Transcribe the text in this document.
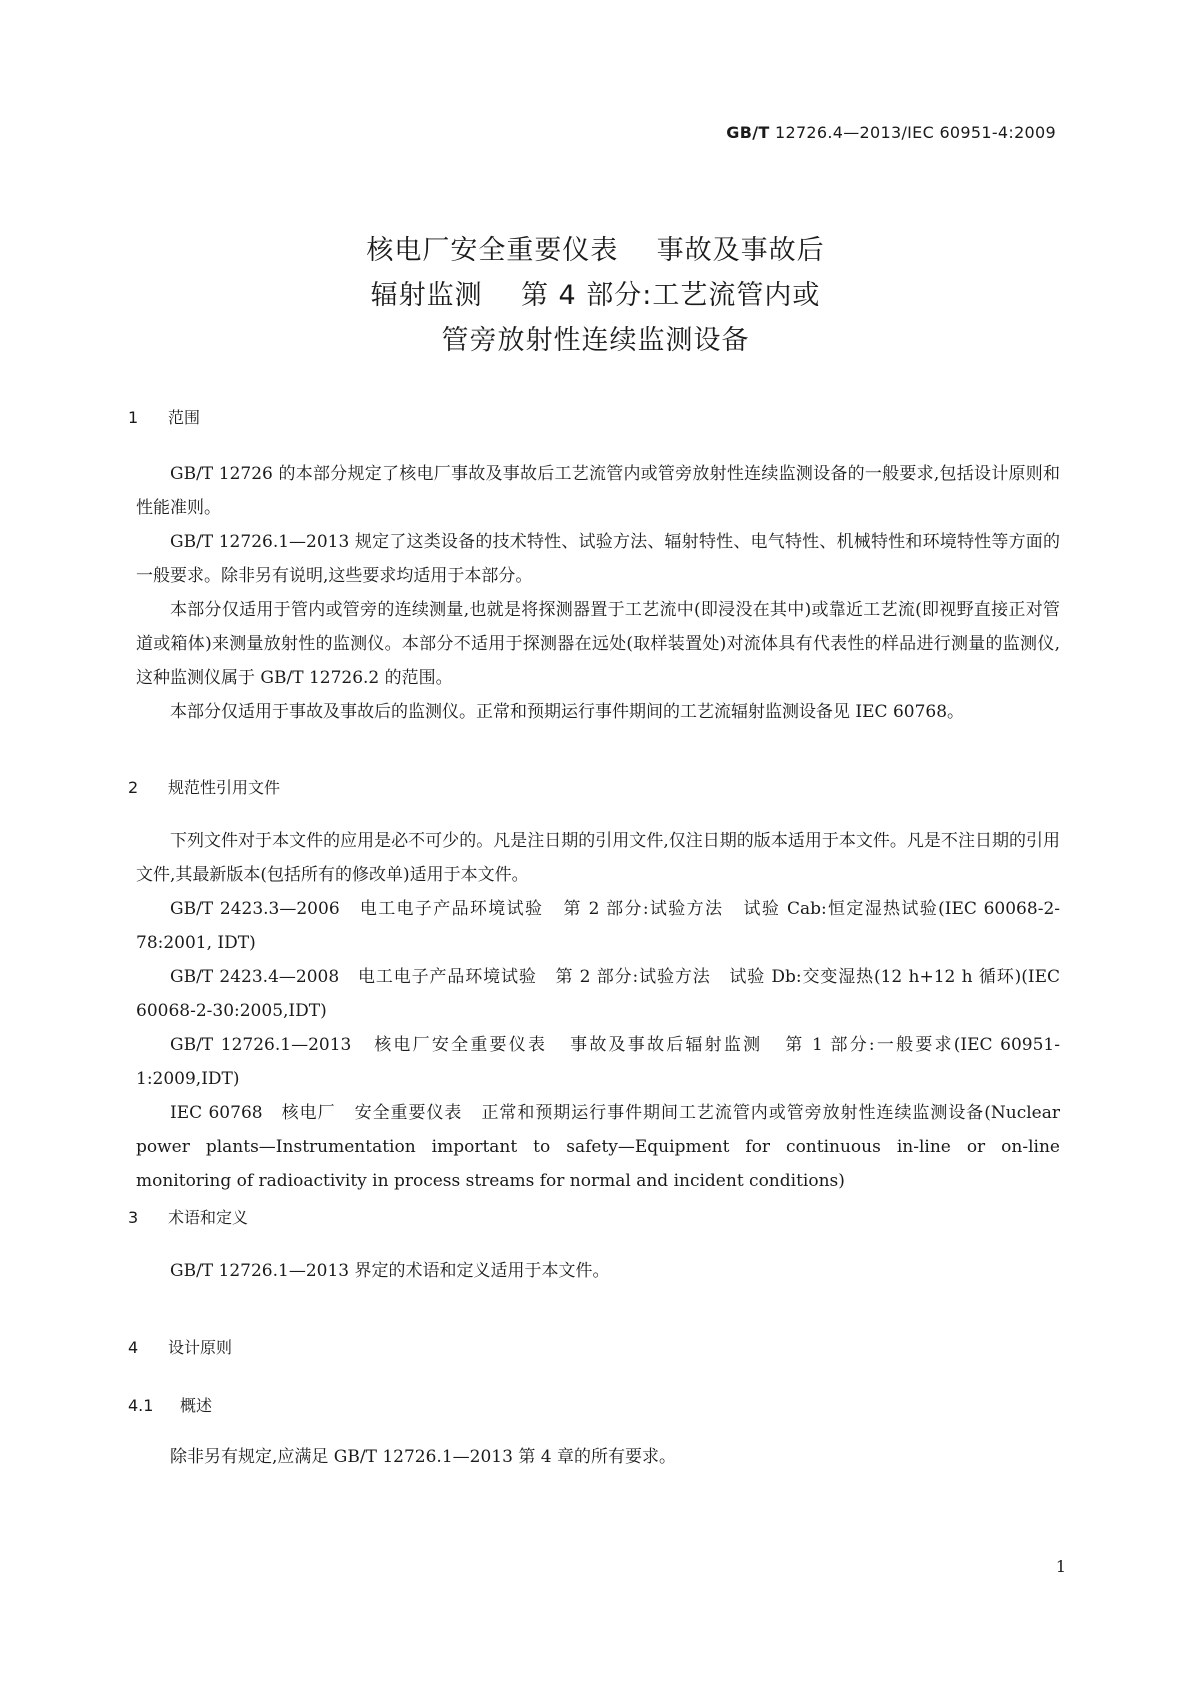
GB/T 12726.4—2013/IEC 60951-4:2009
核电厂安全重要仪表    事故及事故后
辐射监测    第 4 部分:工艺流管内或
管旁放射性连续监测设备
1 范围
GB/T 12726 的本部分规定了核电厂事故及事故后工艺流管内或管旁放射性连续监测设备的一般要求,包括设计原则和性能准则。
GB/T 12726.1—2013 规定了这类设备的技术特性、试验方法、辐射特性、电气特性、机械特性和环境特性等方面的一般要求。除非另有说明,这些要求均适用于本部分。
本部分仅适用于管内或管旁的连续测量,也就是将探测器置于工艺流中(即浸没在其中)或靠近工艺流(即视野直接正对管道或箱体)来测量放射性的监测仪。本部分不适用于探测器在远处(取样装置处)对流体具有代表性的样品进行测量的监测仪,这种监测仪属于 GB/T 12726.2 的范围。
本部分仅适用于事故及事故后的监测仪。正常和预期运行事件期间的工艺流辐射监测设备见 IEC 60768。
2 规范性引用文件
下列文件对于本文件的应用是必不可少的。凡是注日期的引用文件,仅注日期的版本适用于本文件。凡是不注日期的引用文件,其最新版本(包括所有的修改单)适用于本文件。
GB/T 2423.3—2006   电工电子产品环境试验   第 2 部分:试验方法   试验 Cab:恒定湿热试验(IEC 60068-2-78:2001, IDT)
GB/T 2423.4—2008   电工电子产品环境试验   第 2 部分:试验方法   试验 Db:交变湿热(12 h+12 h 循环)(IEC 60068-2-30:2005,IDT)
GB/T 12726.1—2013   核电厂安全重要仪表   事故及事故后辐射监测   第 1 部分:一般要求(IEC 60951-1:2009,IDT)
IEC 60768   核电厂   安全重要仪表   正常和预期运行事件期间工艺流管内或管旁放射性连续监测设备(Nuclear power plants—Instrumentation important to safety—Equipment for continuous in-line or on-line monitoring of radioactivity in process streams for normal and incident conditions)
3 术语和定义
GB/T 12726.1—2013 界定的术语和定义适用于本文件。
4 设计原则
4.1 概述
除非另有规定,应满足 GB/T 12726.1—2013 第 4 章的所有要求。
1
